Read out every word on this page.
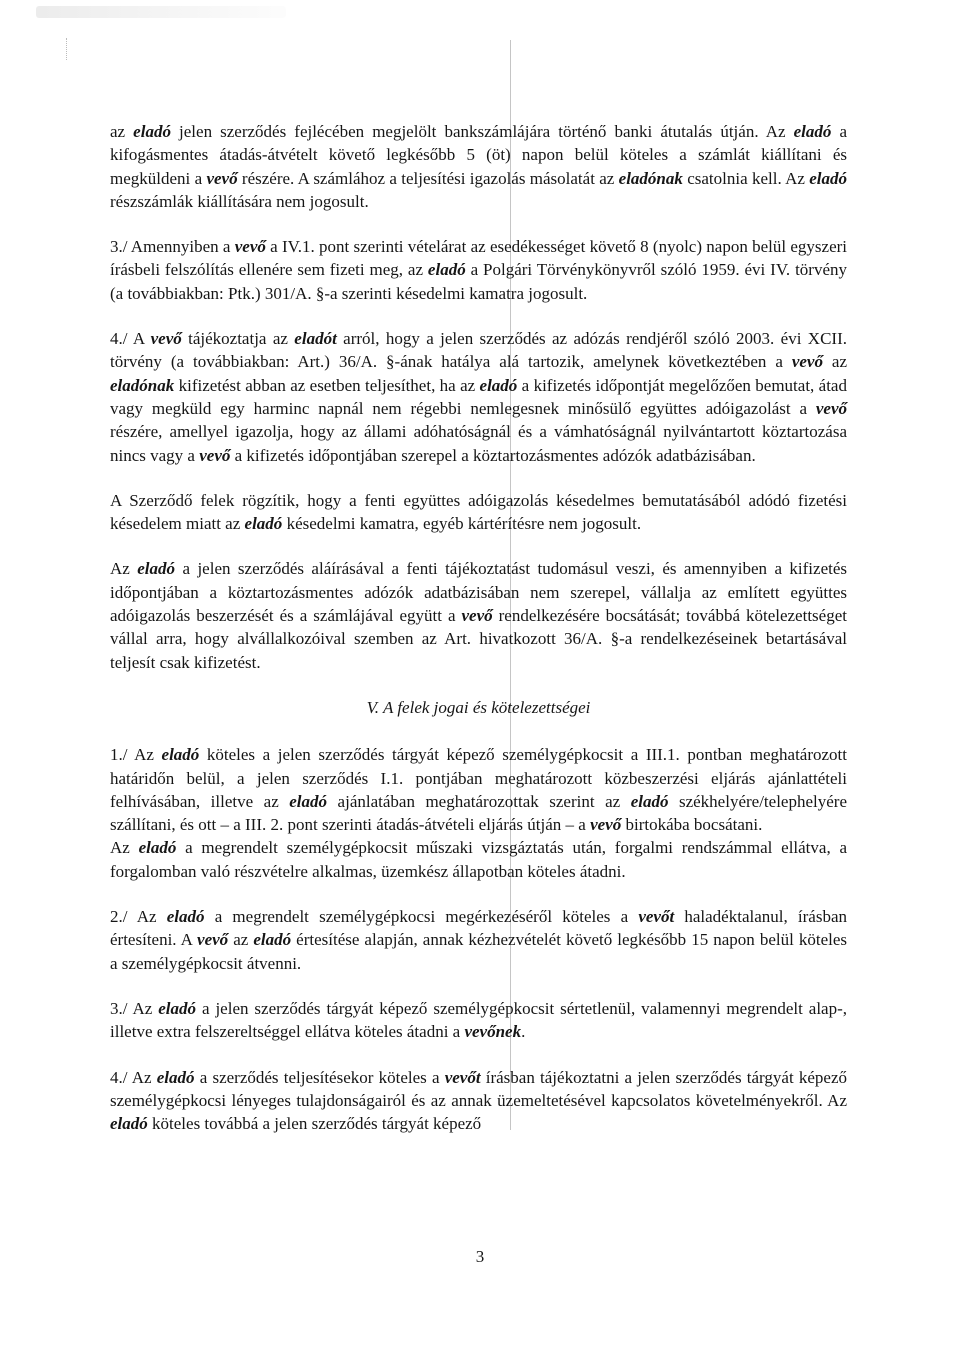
az eladó jelen szerződés fejlécében megjelölt bankszámlájára történő banki átutalás útján. Az eladó a kifogásmentes átadás-átvételt követő legkésőbb 5 (öt) napon belül köteles a számlát kiállítani és megküldeni a vevő részére. A számlához a teljesítési igazolás másolatát az eladónak csatolnia kell. Az eladó részszámlák kiállítására nem jogosult.

3./ Amennyiben a vevő a IV.1. pont szerinti vételárat az esedékességet követő 8 (nyolc) napon belül egyszeri írásbeli felszólítás ellenére sem fizeti meg, az eladó a Polgári Törvénykönyvről szóló 1959. évi IV. törvény (a továbbiakban: Ptk.) 301/A. §-a szerinti késedelmi kamatra jogosult.

4./ A vevő tájékoztatja az eladót arról, hogy a jelen szerződés az adózás rendjéről szóló 2003. évi XCII. törvény (a továbbiakban: Art.) 36/A. §-ának hatálya alá tartozik, amelynek következtében a vevő az eladónak kifizetést abban az esetben teljesíthet, ha az eladó a kifizetés időpontját megelőzően bemutat, átad vagy megküld egy harminc napnál nem régebbi nemlegesnek minősülő együttes adóigazolást a vevő részére, amellyel igazolja, hogy az állami adóhatóságnál és a vámhatóságnál nyilvántartott köztartozása nincs vagy a vevő a kifizetés időpontjában szerepel a köztartozásmentes adózók adatbázisában.

A Szerződő felek rögzítik, hogy a fenti együttes adóigazolás késedelmes bemutatásából adódó fizetési késedelem miatt az eladó késedelmi kamatra, egyéb kártérítésre nem jogosult.

Az eladó a jelen szerződés aláírásával a fenti tájékoztatást tudomásul veszi, és amennyiben a kifizetés időpontjában a köztartozásmentes adózók adatbázisában nem szerepel, vállalja az említett együttes adóigazolás beszerzését és a számlájával együtt a vevő rendelkezésére bocsátását; továbbá kötelezettséget vállal arra, hogy alvállalkozóival szemben az Art. hivatkozott 36/A. §-a rendelkezéseinek betartásával teljesít csak kifizetést.

V. A felek jogai és kötelezettségei

1./ Az eladó köteles a jelen szerződés tárgyát képező személygépkocsit a III.1. pontban meghatározott határidőn belül, a jelen szerződés I.1. pontjában meghatározott közbeszerzési eljárás ajánlattételi felhívásában, illetve az eladó ajánlatában meghatározottak szerint az eladó székhelyére/telephelyére szállítani, és ott – a III. 2. pont szerinti átadás-átvételi eljárás útján – a vevő birtokába bocsátani.

Az eladó a megrendelt személygépkocsit műszaki vizsgáztatás után, forgalmi rendszámmal ellátva, a forgalomban való részvételre alkalmas, üzemkész állapotban köteles átadni.

2./ Az eladó a megrendelt személygépkocsi megérkezéséről köteles a vevőt haladéktalanul, írásban értesíteni. A vevő az eladó értesítése alapján, annak kézhezvételét követő legkésőbb 15 napon belül köteles a személygépkocsit átvenni.

3./ Az eladó a jelen szerződés tárgyát képező személygépkocsit sértetlenül, valamennyi megrendelt alap-, illetve extra felszereltséggel ellátva köteles átadni a vevőnek.

4./ Az eladó a szerződés teljesítésekor köteles a vevőt írásban tájékoztatni a jelen szerződés tárgyát képező személygépkocsi lényeges tulajdonságairól és az annak üzemeltetésével kapcsolatos követelményekről. Az eladó köteles továbbá a jelen szerződés tárgyát képező

3
